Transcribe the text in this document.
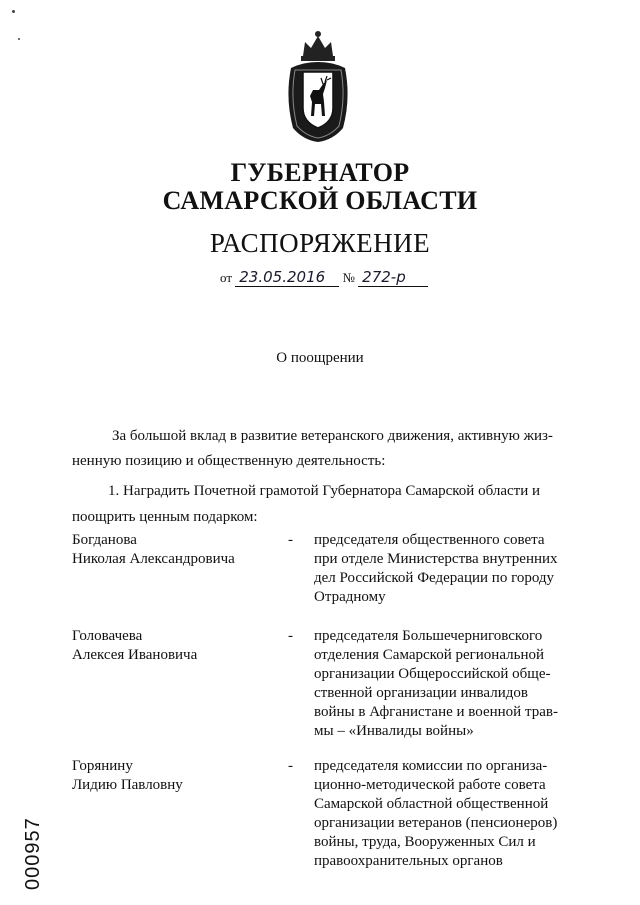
ГУБЕРНАТОР
САМАРСКОЙ ОБЛАСТИ
РАСПОРЯЖЕНИЕ
от 23.05.2016 № 272-р
О поощрении
За большой вклад в развитие ветеранского движения, активную жиз-
ненную позицию и общественную деятельность:
1. Наградить Почетной грамотой Губернатора Самарской области и
поощрить ценным подарком:
Богданова
Николая Александровича
- председателя общественного совета
при отделе Министерства внутренних
дел Российской Федерации по городу
Отрадному
Головачева
Алексея Ивановича
- председателя Большечерниговского
отделения Самарской региональной
организации Общероссийской обще-
ственной организации инвалидов
войны в Афганистане и военной трав-
мы – «Инвалиды войны»
Горянину
Лидию Павловну
- председателя комиссии по организа-
ционно-методической работе совета
Самарской областной общественной
организации ветеранов (пенсионеров)
войны, труда, Вооруженных Сил и
правоохранительных органов
000957
